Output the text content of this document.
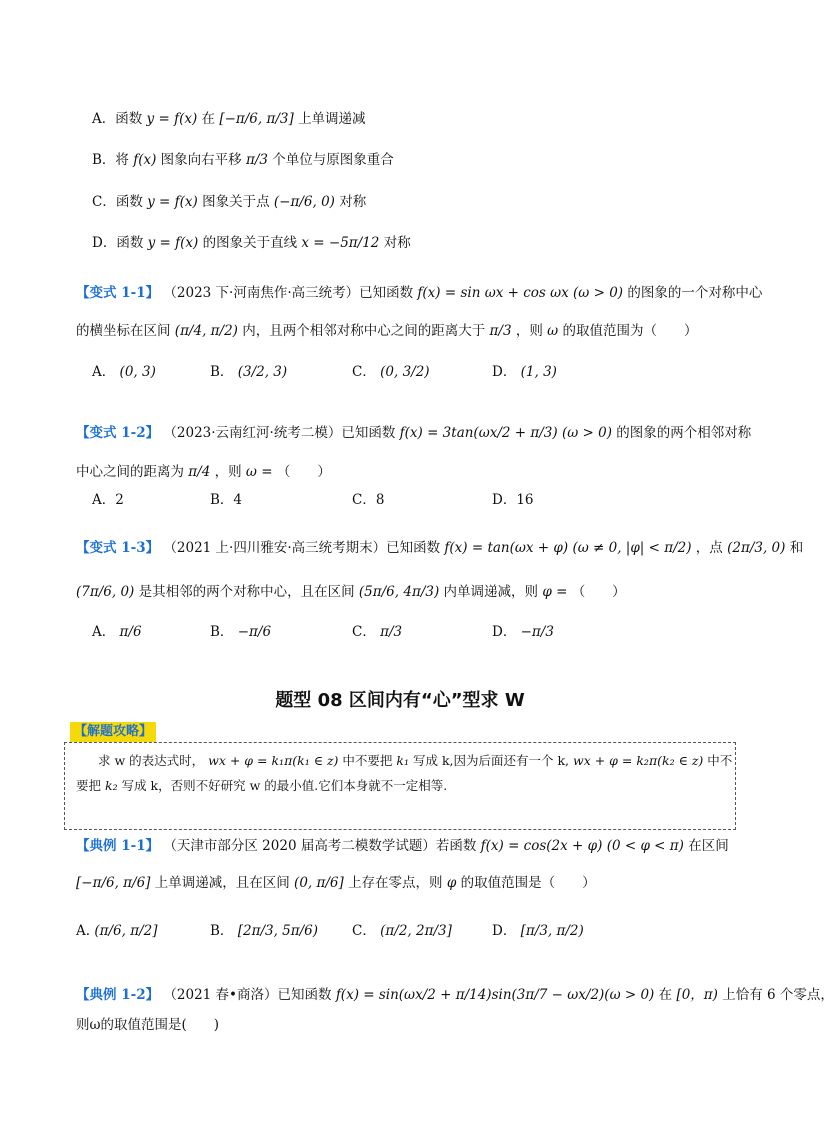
A．函数 y = f(x) 在 [−π/6, π/3] 上单调递减
B．将 f(x) 图象向右平移 π/3 个单位与原图象重合
C．函数 y = f(x) 图象关于点 (−π/6, 0) 对称
D．函数 y = f(x) 的图象关于直线 x = −5π/12 对称
【变式 1-1】 （2023 下·河南焦作·高三统考）已知函数 f(x) = sin ωx + cos ωx (ω > 0) 的图象的一个对称中心
的横坐标在区间 (π/4, π/2) 内，且两个相邻对称中心之间的距离大于 π/3 ，则 ω 的取值范围为（　　）
A． (0, 3)	B． (3/2, 3)	C． (0, 3/2)	D． (1, 3)
【变式 1-2】 （2023·云南红河·统考二模）已知函数 f(x) = 3tan(ωx/2 + π/3) (ω > 0) 的图象的两个相邻对称
中心之间的距离为 π/4 ，则 ω = （　　）
A．2	B．4	C．8	D．16
【变式 1-3】 （2021 上·四川雅安·高三统考期末）已知函数 f(x) = tan(ωx + φ) (ω ≠ 0, |φ| < π/2) ，点 (2π/3, 0) 和
(7π/6, 0) 是其相邻的两个对称中心，且在区间 (5π/6, 4π/3) 内单调递减，则 φ = （　　）
A． π/6	B． −π/6	C． π/3	D． −π/3
题型 08 区间内有“心”型求 W
【解题攻略】
求 w 的表达式时， wx + φ = k₁π(k₁ ∈ z) 中不要把 k₁ 写成 k,因为后面还有一个 k, wx + φ = k₂π(k₂ ∈ z) 中不
要把 k₂ 写成 k，否则不好研究 w 的最小值.它们本身就不一定相等.
【典例 1-1】 （天津市部分区 2020 届高考二模数学试题）若函数 f(x) = cos(2x + φ) (0 < φ < π) 在区间
[−π/6, π/6] 上单调递减，且在区间 (0, π/6] 上存在零点，则 φ 的取值范围是（　　）
A. (π/6, π/2]	B． [2π/3, 5π/6)	C． (π/2, 2π/3]	D． [π/3, π/2)
【典例 1-2】 （2021 春•商洛）已知函数 f(x) = sin(ωx/2 + π/14)sin(3π/7 − ωx/2)(ω > 0) 在 [0，π) 上恰有 6 个零点，
则ω的取值范围是(　　)
